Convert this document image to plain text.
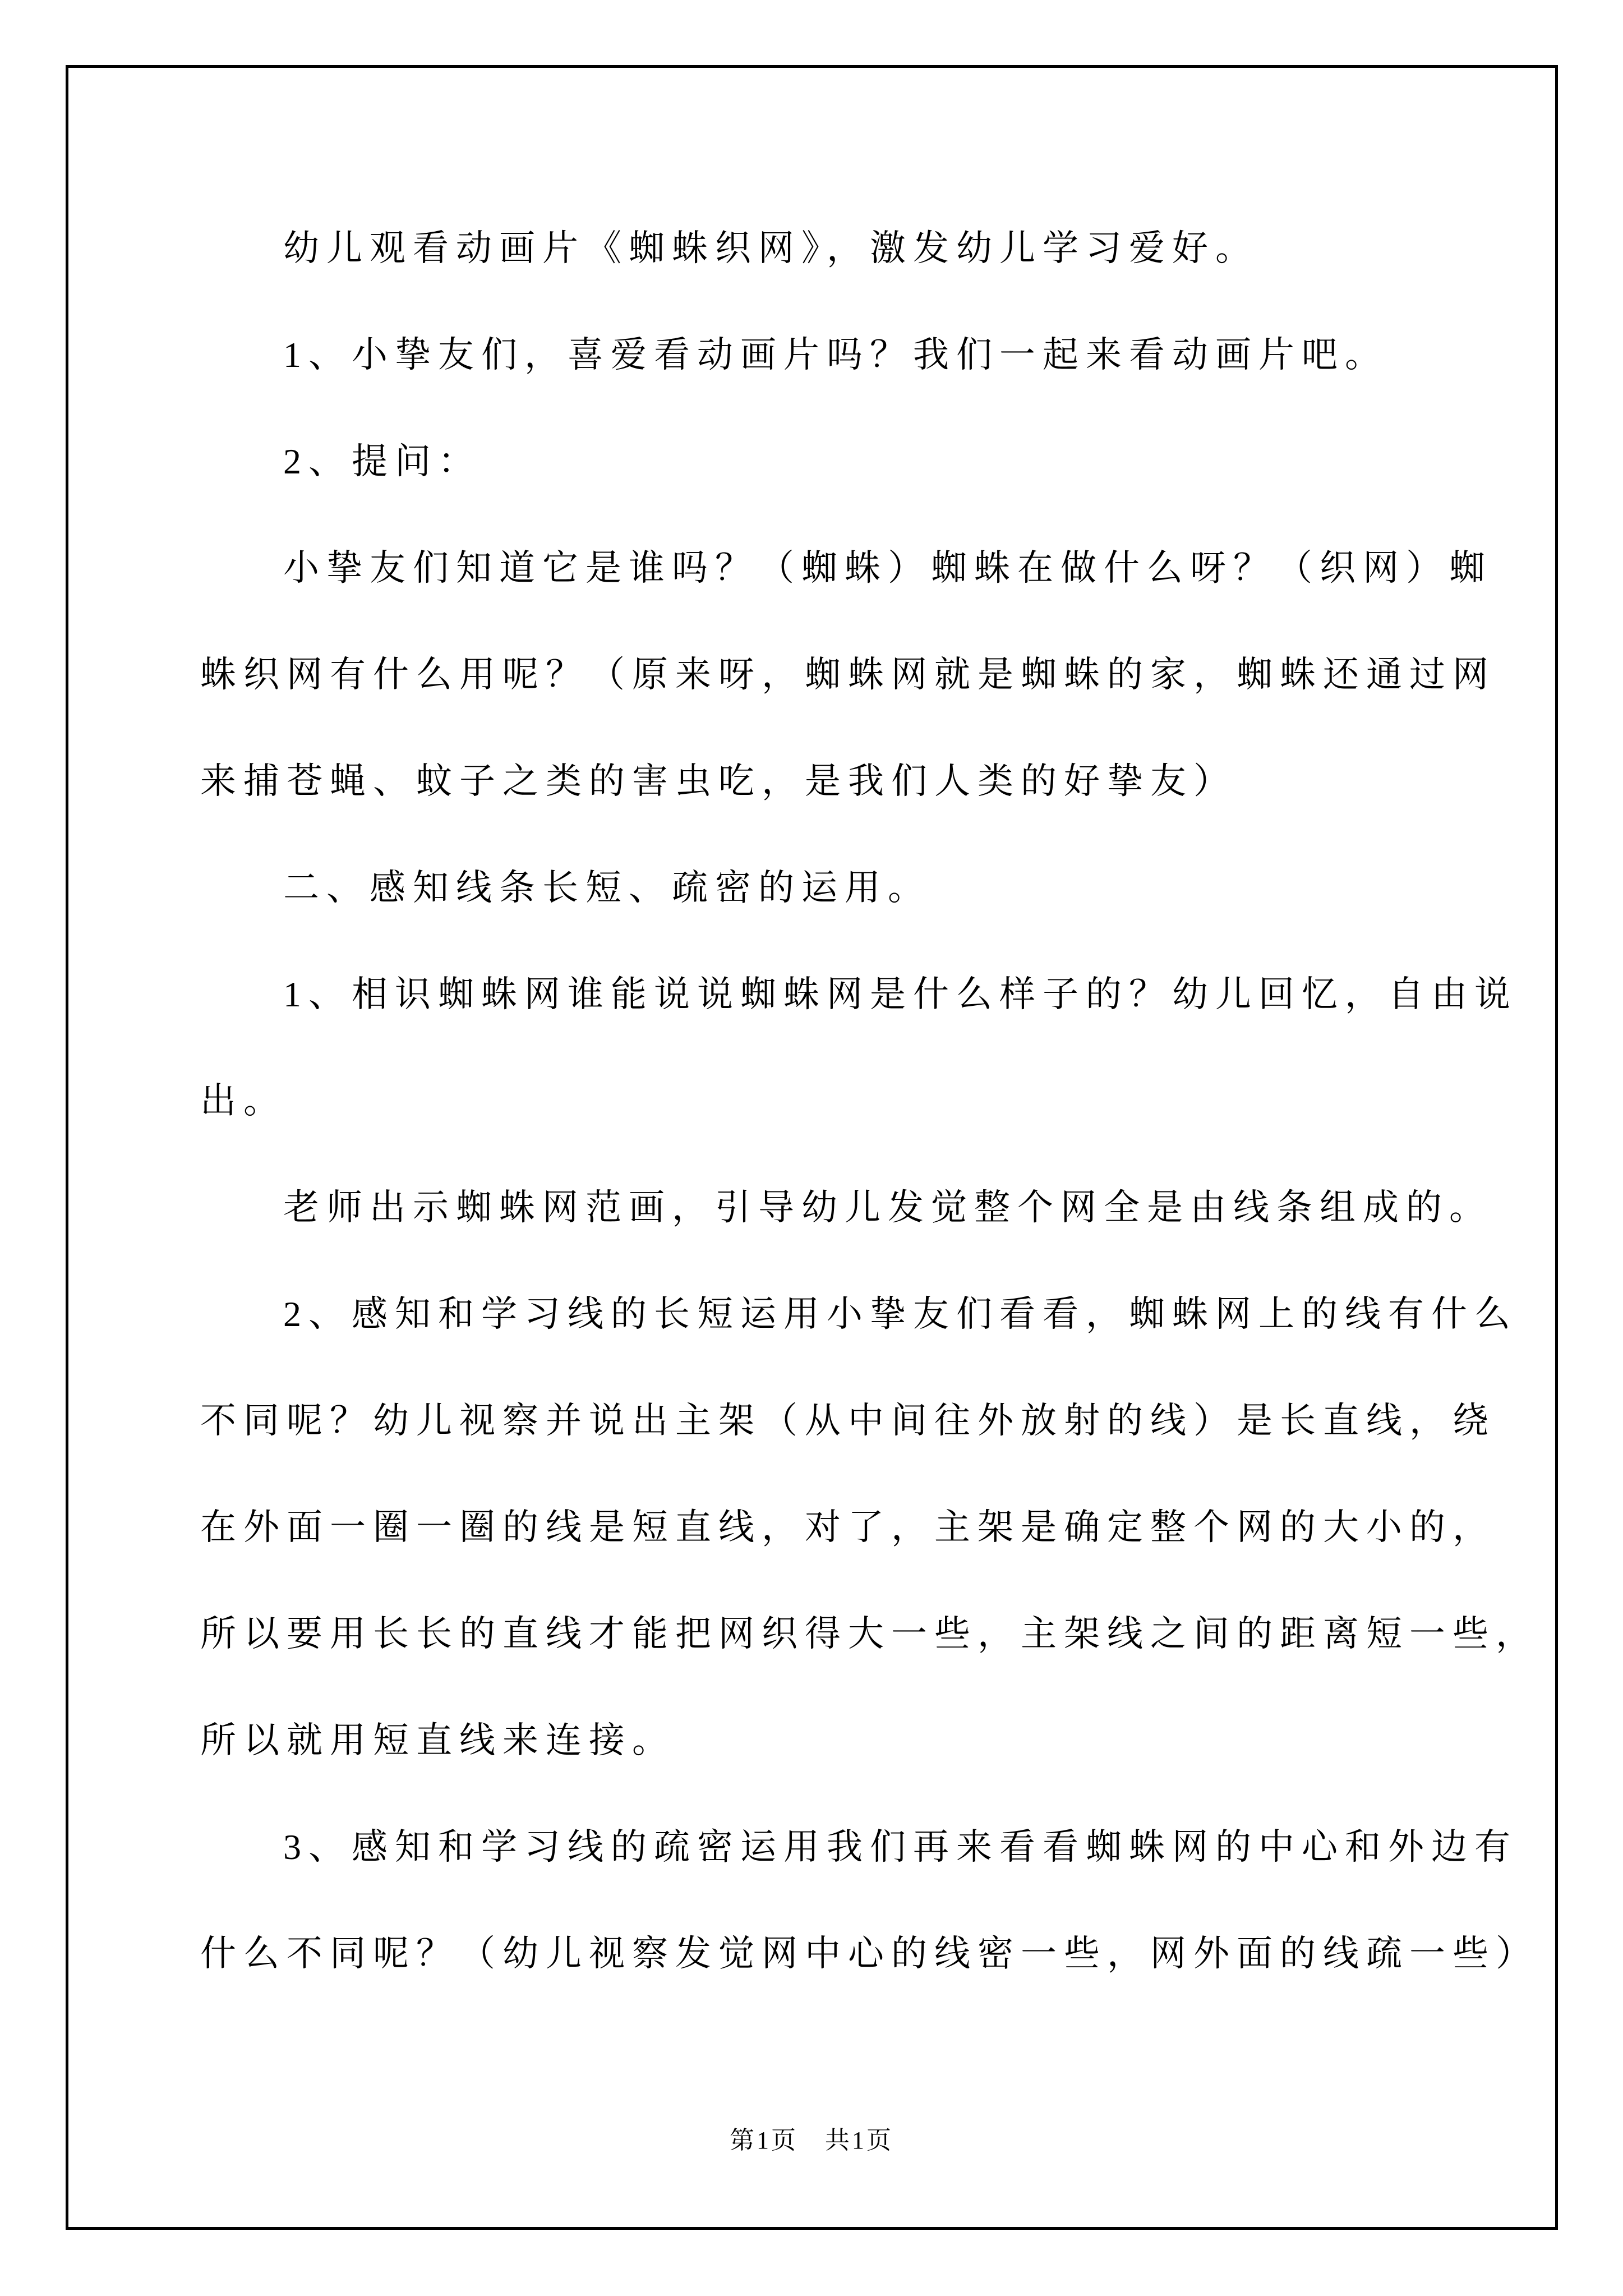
幼儿观看动画片《蜘蛛织网》，激发幼儿学习爱好。
1、小挚友们，喜爱看动画片吗？我们一起来看动画片吧。
2、提问：
小挚友们知道它是谁吗？（蜘蛛）蜘蛛在做什么呀？（织网）蜘
蛛织网有什么用呢？（原来呀，蜘蛛网就是蜘蛛的家，蜘蛛还通过网
来捕苍蝇、蚊子之类的害虫吃，是我们人类的好挚友）
二、感知线条长短、疏密的运用。
1、相识蜘蛛网谁能说说蜘蛛网是什么样子的？幼儿回忆，自由说
出。
老师出示蜘蛛网范画，引导幼儿发觉整个网全是由线条组成的。
2、感知和学习线的长短运用小挚友们看看，蜘蛛网上的线有什么
不同呢？幼儿视察并说出主架（从中间往外放射的线）是长直线，绕
在外面一圈一圈的线是短直线，对了，主架是确定整个网的大小的，
所以要用长长的直线才能把网织得大一些，主架线之间的距离短一些，
所以就用短直线来连接。
3、感知和学习线的疏密运用我们再来看看蜘蛛网的中心和外边有
什么不同呢？（幼儿视察发觉网中心的线密一些，网外面的线疏一些）
第1页　共1页
